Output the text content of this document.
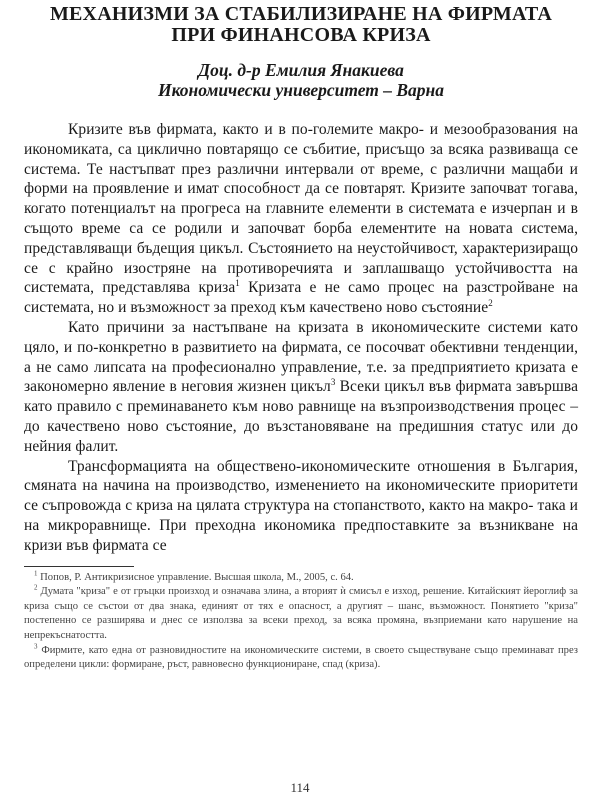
МЕХАНИЗМИ ЗА СТАБИЛИЗИРАНЕ НА ФИРМАТА
ПРИ ФИНАНСОВА КРИЗА

Доц. д-р Емилия Янакиева

Икономически университет – Варна

Кризите във фирмата, както и в по-големите макро- и мезообразования на икономиката, са циклично повтарящо се събитие, присъщо за всяка развиваща се система. Те настъпват през различни интервали от време, с различни мащаби и форми на проявление и имат способност да се повтарят. Кризите започват тогава, когато потенциалът на прогреса на главните елементи в системата е изчерпан и в същото време са се родили и започват борба елементите на новата система, представляващи бъдещия цикъл. Състоянието на неустойчивост, характеризиращо се с крайно изостряне на противоречията и заплашващо устойчивостта на системата, представлява криза$^1$ Кризата е не само процес на разстройване на системата, но и възможност за преход към качествено ново състояние$^2$

Като причини за настъпване на кризата в икономическите системи като цяло, и по-конкретно в развитието на фирмата, се посочват обективни тенденции, а не само липсата на професионално управление, т.е. за предприятието кризата е закономерно явление в неговия жизнен цикъл$^3$ Всеки цикъл във фирмата завършва като правило с преминаването към ново равнище на възпроизводствения процес – до качествено ново състояние, до възстановяване на предишния статус или до нейния фалит.

Трансформацията на обществено-икономическите отношения в България, смяната на начина на производство, изменението на икономическите приоритети се съпровожда с криза на цялата структура на стопанството, както на макро- така и на микроравнище. При преходна икономика предпоставките за възникване на кризи във фирмата се

$^1$ Попов, Р. Антикризисное управление. Высшая школа, М., 2005, с. 64.

$^2$ Думата "криза" е от гръцки произход и означава злина, а вторият ѝ смисъл е изход, решение. Китайският йероглиф за криза също се състои от два знака, единият от тях е опасност, а другият – шанс, възможност. Понятието "криза" постепенно се разширява и днес се използва за всеки преход, за всяка промяна, възприемани като нарушение на непрекъснатостта.

$^3$ Фирмите, като една от разновидностите на икономическите системи, в своето съществуване също преминават през определени цикли: формиране, ръст, равновесно функциониране, спад (криза).

114
